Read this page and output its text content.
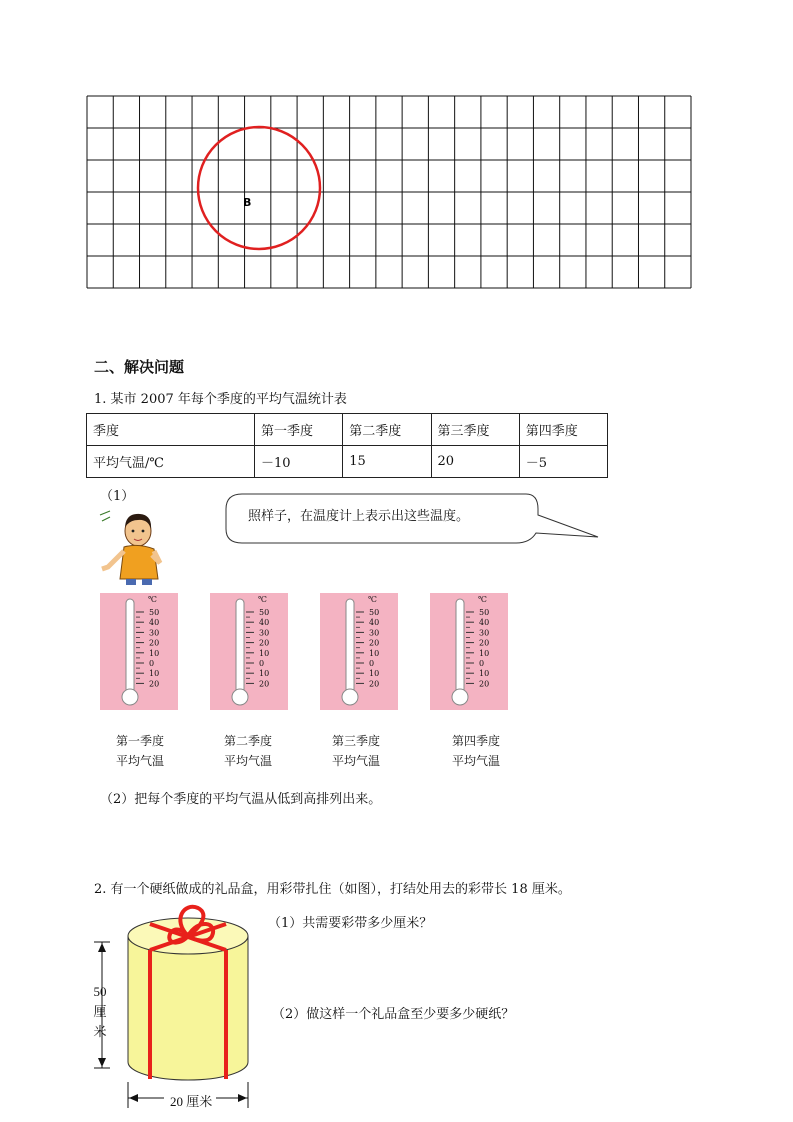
B
二、解决问题
1. 某市 2007 年每个季度的平均气温统计表
季度	第一季度	第二季度	第三季度	第四季度
平均气温/℃	－10	15	20	－5
（1）
照样子，在温度计上表示出这些温度。
50
40
30
20
10
0
10
20
℃
50
40
30
20
10
0
10
20
℃
50
40
30
20
10
0
10
20
℃
50
40
30
20
10
0
10
20
℃
第一季度
平均气温
第二季度
平均气温
第三季度
平均气温
第四季度
平均气温
（2）把每个季度的平均气温从低到高排列出来。
2. 有一个硬纸做成的礼品盒，用彩带扎住（如图），打结处用去的彩带长 18 厘米。
（1）共需要彩带多少厘米？
（2）做这样一个礼品盒至少要多少硬纸？
50
厘
米
20 厘米
